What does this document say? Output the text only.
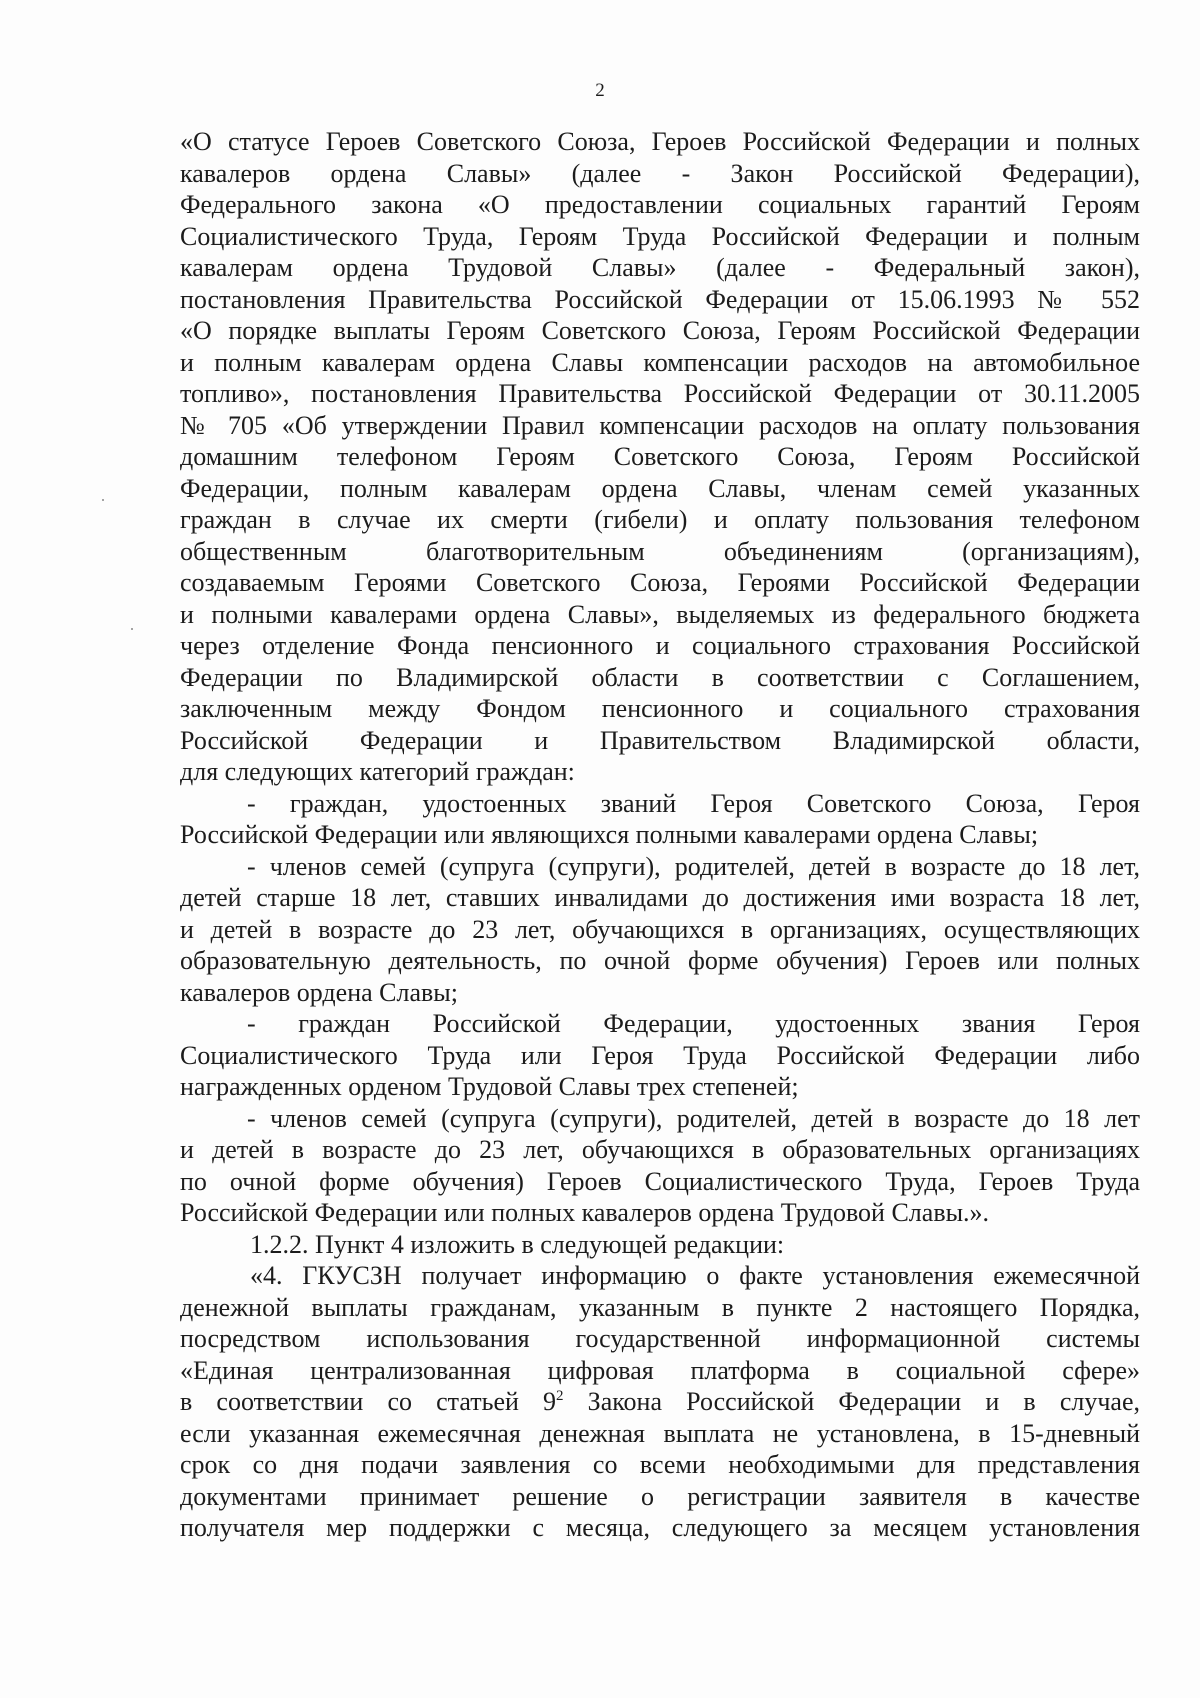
2

«О статусе Героев Советского Союза, Героев Российской Федерации и полных

кавалеров ордена Славы» (далее - Закон Российской Федерации),

Федерального закона «О предоставлении социальных гарантий Героям

Социалистического Труда, Героям Труда Российской Федерации и полным

кавалерам ордена Трудовой Славы» (далее - Федеральный закон),

постановления Правительства Российской Федерации от 15.06.1993 № 552

«О порядке выплаты Героям Советского Союза, Героям Российской Федерации

и полным кавалерам ордена Славы компенсации расходов на автомобильное

топливо», постановления Правительства Российской Федерации от 30.11.2005

№ 705 «Об утверждении Правил компенсации расходов на оплату пользования

домашним телефоном Героям Советского Союза, Героям Российской

Федерации, полным кавалерам ордена Славы, членам семей указанных

граждан в случае их смерти (гибели) и оплату пользования телефоном

общественным благотворительным объединениям (организациям),

создаваемым Героями Советского Союза, Героями Российской Федерации

и полными кавалерами ордена Славы», выделяемых из федерального бюджета

через отделение Фонда пенсионного и социального страхования Российской

Федерации по Владимирской области в соответствии с Соглашением,

заключенным между Фондом пенсионного и социального страхования

Российской Федерации и Правительством Владимирской области,

для следующих категорий граждан:

- граждан, удостоенных званий Героя Советского Союза, Героя

Российской Федерации или являющихся полными кавалерами ордена Славы;

- членов семей (супруга (супруги), родителей, детей в возрасте до 18 лет,

детей старше 18 лет, ставших инвалидами до достижения ими возраста 18 лет,

и детей в возрасте до 23 лет, обучающихся в организациях, осуществляющих

образовательную деятельность, по очной форме обучения) Героев или полных

кавалеров ордена Славы;

- граждан Российской Федерации, удостоенных звания Героя

Социалистического Труда или Героя Труда Российской Федерации либо

награжденных орденом Трудовой Славы трех степеней;

- членов семей (супруга (супруги), родителей, детей в возрасте до 18 лет

и детей в возрасте до 23 лет, обучающихся в образовательных организациях

по очной форме обучения) Героев Социалистического Труда, Героев Труда

Российской Федерации или полных кавалеров ордена Трудовой Славы.».

1.2.2. Пункт 4 изложить в следующей редакции:

«4. ГКУСЗН получает информацию о факте установления ежемесячной

денежной выплаты гражданам, указанным в пункте 2 настоящего Порядка,

посредством использования государственной информационной системы

«Единая централизованная цифровая платформа в социальной сфере»

в соответствии со статьей $9^2$ Закона Российской Федерации и в случае,

если указанная ежемесячная денежная выплата не установлена, в 15-дневный

срок со дня подачи заявления со всеми необходимыми для представления

документами принимает решение о регистрации заявителя в качестве

получателя мер поддержки с месяца, следующего за месяцем установления
